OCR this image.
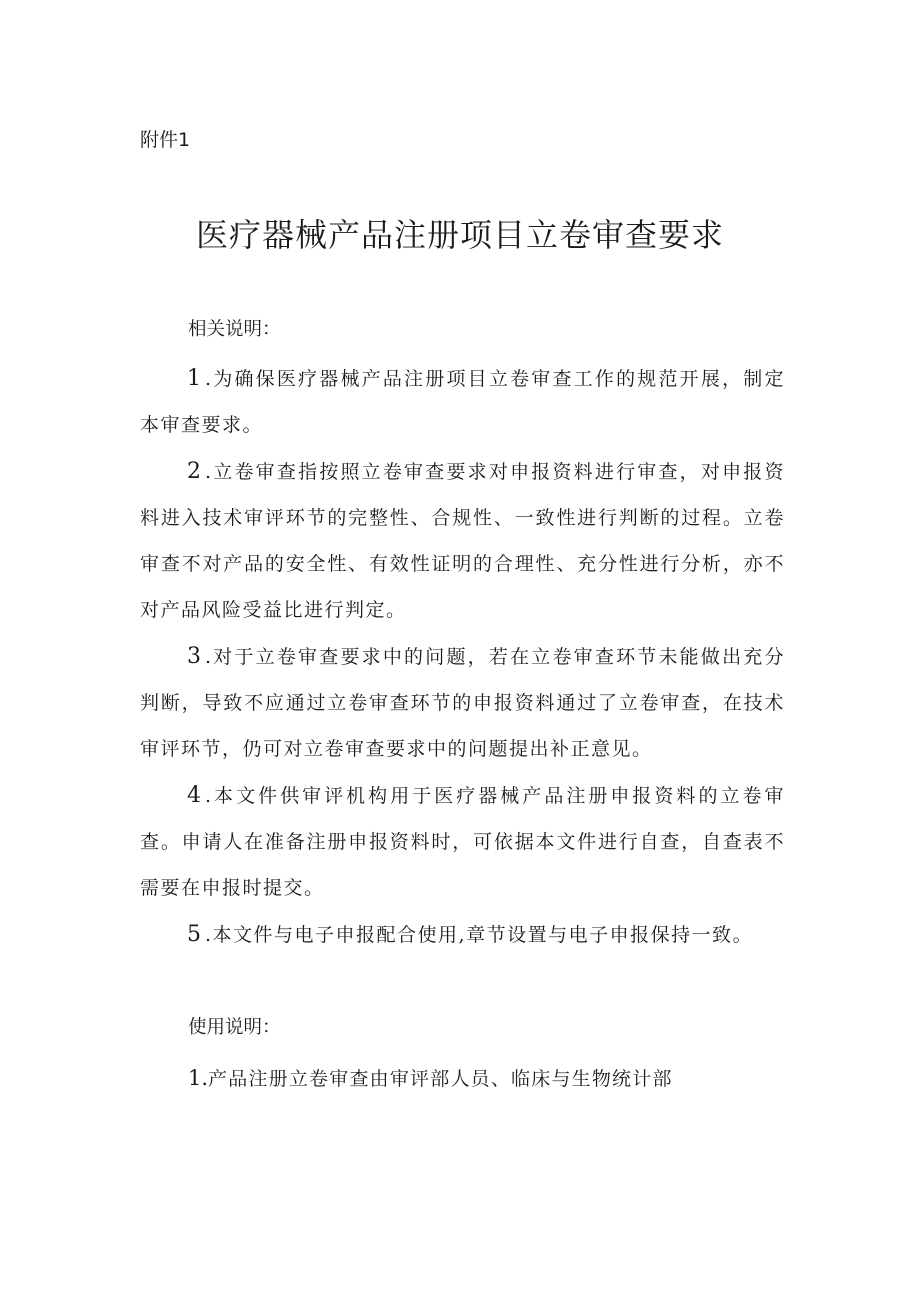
附件1
医疗器械产品注册项目立卷审查要求
相关说明：

1 .为确保医疗器械产品注册项目立卷审查工作的规范开展，制定本审查要求。

2 .立卷审查指按照立卷审查要求对申报资料进行审查，对申报资料进入技术审评环节的完整性、合规性、一致性进行判断的过程。立卷审查不对产品的安全性、有效性证明的合理性、充分性进行分析，亦不对产品风险受益比进行判定。

3 .对于立卷审查要求中的问题，若在立卷审查环节未能做出充分判断，导致不应通过立卷审查环节的申报资料通过了立卷审查，在技术审评环节，仍可对立卷审查要求中的问题提出补正意见。

4 .本文件供审评机构用于医疗器械产品注册申报资料的立卷审查。申请人在准备注册申报资料时，可依据本文件进行自查，自查表不需要在申报时提交。

5 .本文件与电子申报配合使用,章节设置与电子申报保持一致。

使用说明：

1.产品注册立卷审查由审评部人员、临床与生物统计部
